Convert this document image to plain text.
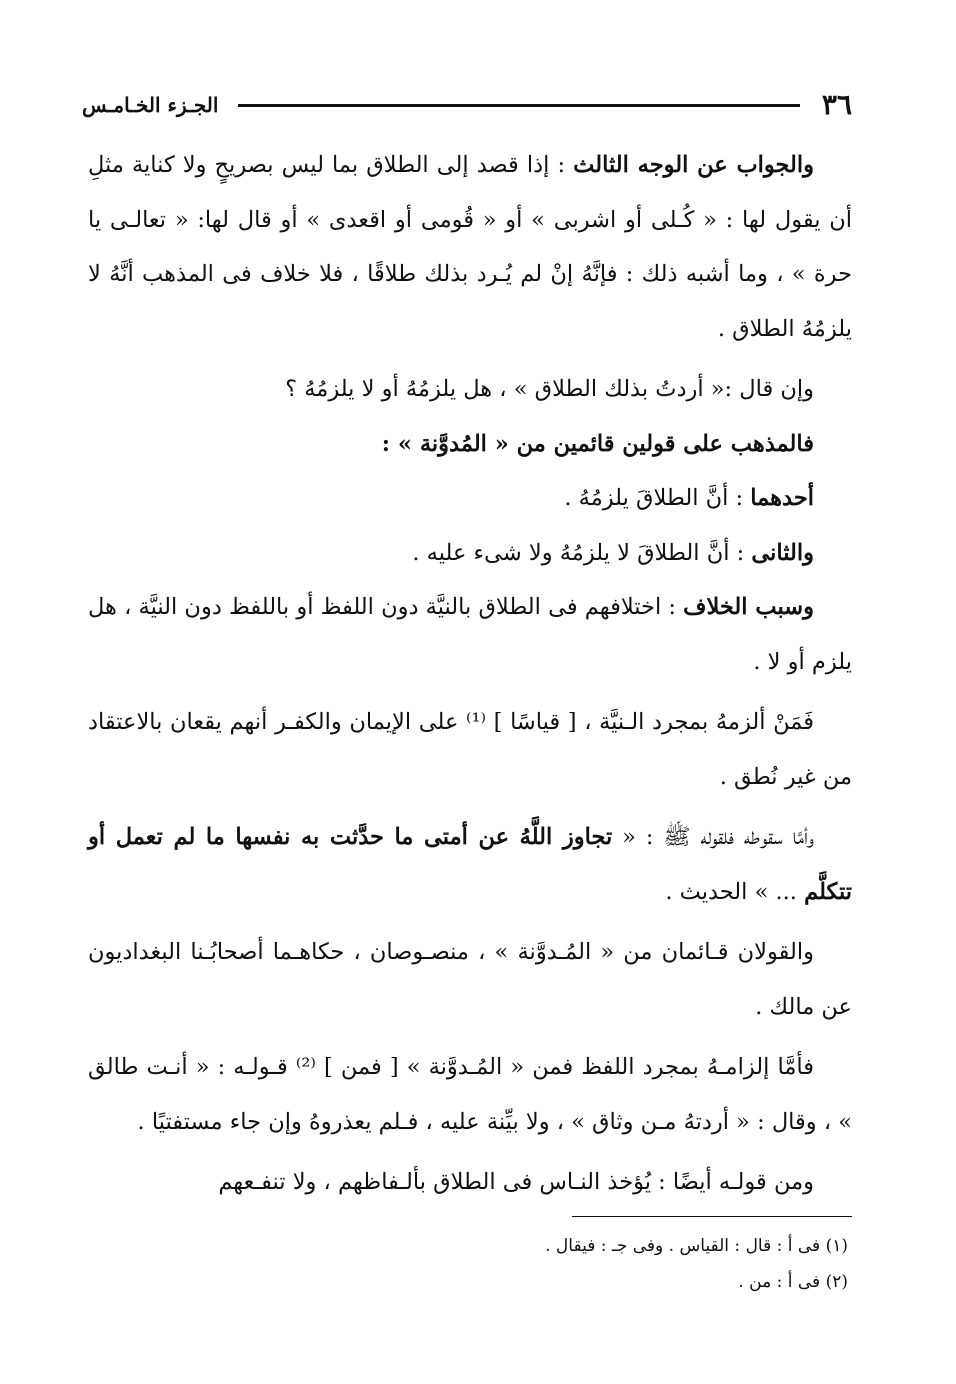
٣٦
الجـزء الخـامـس

والجواب عن الوجه الثالث : إذا قصد إلى الطلاق بما ليس بصريحٍ ولا كناية مثلِ أن يقول لها : « كُـلى أو اشربى » أو « قُومى أو اقعدى » أو قال لها: « تعالـى يا حرة » ، وما أشبه ذلك : فإنَّهُ إنْ لم يُـرد بذلك طلاقًا ، فلا خلاف فى المذهب أنَّهُ لا يلزمُهُ الطلاق .

وإن قال :« أردتُ بذلك الطلاق » ، هل يلزمُهُ أو لا يلزمُهُ ؟

فالمذهب على قولين قائمين من « المُدوَّنة » :

أحدهما : أنَّ الطلاقَ يلزمُهُ .

والثانى : أنَّ الطلاقَ لا يلزمُهُ ولا شىء عليه .

وسبب الخلاف : اختلافهم فى الطلاق بالنيَّة دون اللفظ أو باللفظ دون النيَّة ، هل يلزم أو لا .

فَمَنْ ألزمهُ بمجرد الـنيَّة ، [ قياسًا ] ⁽¹⁾ على الإيمان والكفـر أنهم يقعان بالاعتقاد من غير نُطق .

وأمَّا سقوطه فلقوله ﷺ : « تجاوز اللَّهُ عن أمتى ما حدَّثت به نفسها ما لم تعمل أو تتكلَّم ... » الحديث .

والقولان قـائمان من « المُـدوَّنة » ، منصـوصان ، حكاهـما أصحابُـنا البغداديون عن مالك .

فأمَّا إلزامـهُ بمجرد اللفظ فمن « المُـدوَّنة » [ فمن ] ⁽²⁾ قـولـه : « أنـت طالق » ، وقال : « أردتهُ مـن وثاق » ، ولا بيِّنة عليه ، فـلم يعذروهُ وإن جاء مستفتيًا .

ومن قولـه أيضًا : يُؤخذ النـاس فى الطلاق بألـفاظهم ، ولا تنفـعهم

(١) فى أ : قال : القياس . وفى جـ : فيقال .
(٢) فى أ : من .
